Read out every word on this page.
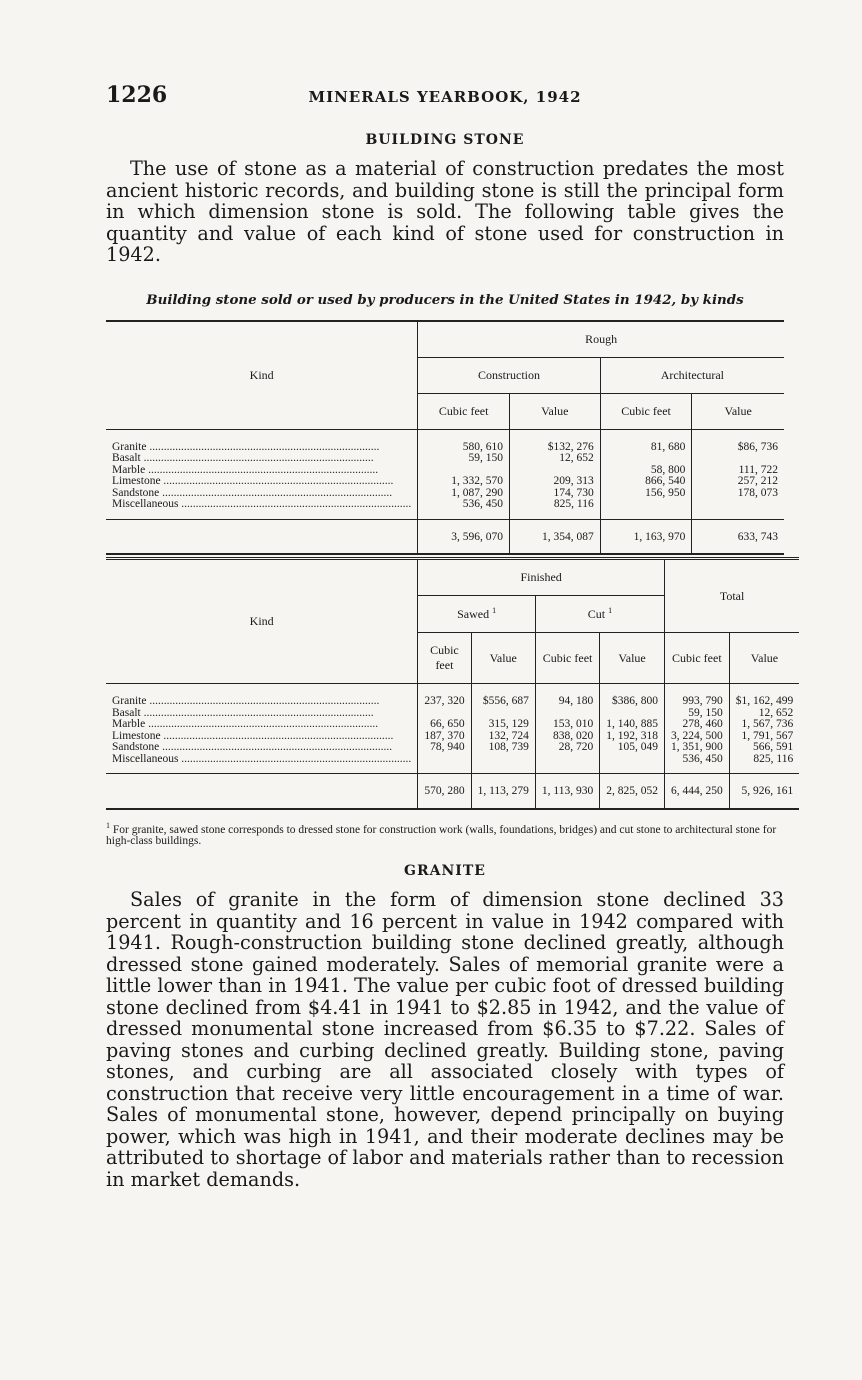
1226	MINERALS YEARBOOK, 1942
BUILDING STONE

The use of stone as a material of construction predates the most ancient historic records, and building stone is still the principal form in which dimension stone is sold. The following table gives the quantity and value of each kind of stone used for construction in 1942.

Building stone sold or used by producers in the United States in 1942, by kinds
Kind	Rough			
	Construction		Architectural	
	Cubic feet	Value	Cubic feet	Value
Granite ................................................................................	580, 610	$132, 276	81, 680	$86, 736
Basalt ................................................................................	59, 150	12, 652		
Marble ................................................................................			58, 800	111, 722
Limestone ................................................................................	1, 332, 570	209, 313	866, 540	257, 212
Sandstone ................................................................................	1, 087, 290	174, 730	156, 950	178, 073
Miscellaneous ................................................................................	536, 450	825, 116		
	3, 596, 070	1, 354, 087	1, 163, 970	633, 743
Kind	Finished				Total	
	Sawed $^1$		Cut $^1$
	Cubic feet	Value	Cubic feet	Value	Cubic feet	Value
Granite ................................................................................	237, 320	$556, 687	94, 180	$386, 800	993, 790	$1, 162, 499
Basalt ................................................................................					59, 150	12, 652
Marble ................................................................................	66, 650	315, 129	153, 010	1, 140, 885	278, 460	1, 567, 736
Limestone ................................................................................	187, 370	132, 724	838, 020	1, 192, 318	3, 224, 500	1, 791, 567
Sandstone ................................................................................	78, 940	108, 739	28, 720	105, 049	1, 351, 900	566, 591
Miscellaneous ................................................................................					536, 450	825, 116
	570, 280	1, 113, 279	1, 113, 930	2, 825, 052	6, 444, 250	5, 926, 161

$^1$ For granite, sawed stone corresponds to dressed stone for construction work (walls, foundations, bridges) and cut stone to architectural stone for high-class buildings.

GRANITE

Sales of granite in the form of dimension stone declined 33 percent in quantity and 16 percent in value in 1942 compared with 1941. Rough-construction building stone declined greatly, although dressed stone gained moderately. Sales of memorial granite were a little lower than in 1941. The value per cubic foot of dressed building stone declined from $4.41 in 1941 to $2.85 in 1942, and the value of dressed monumental stone increased from $6.35 to $7.22. Sales of paving stones and curbing declined greatly. Building stone, paving stones, and curbing are all associated closely with types of construction that receive very little encouragement in a time of war. Sales of monumental stone, however, depend principally on buying power, which was high in 1941, and their moderate declines may be attributed to shortage of labor and materials rather than to recession in market demands.
